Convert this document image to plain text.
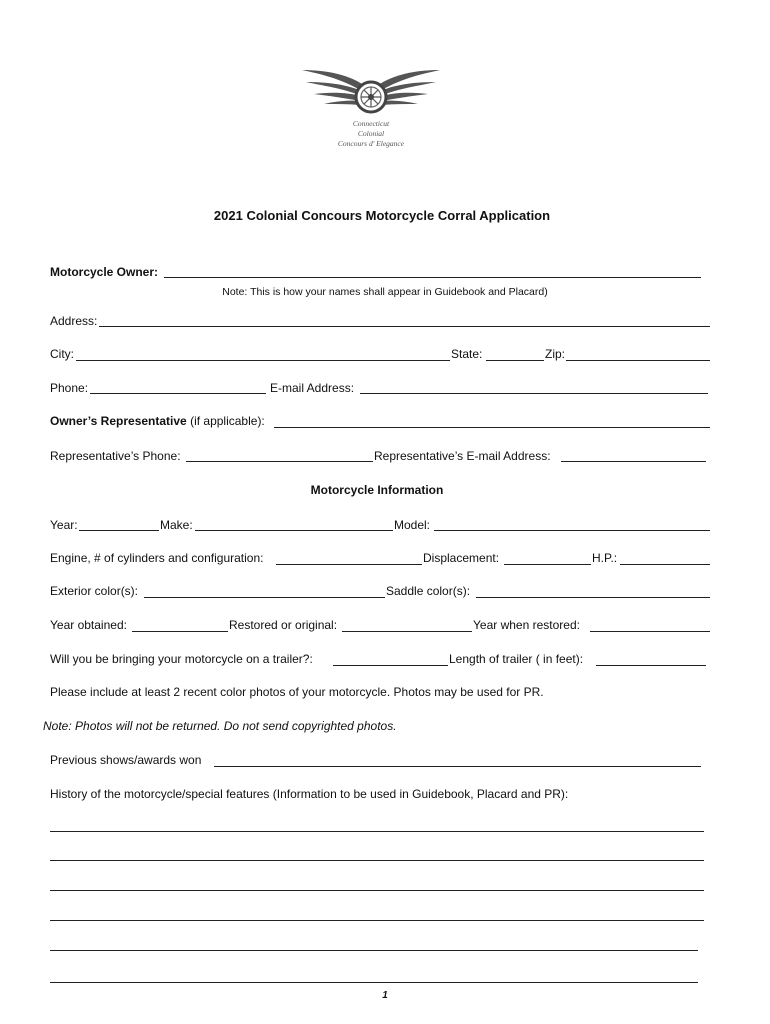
Connecticut
Colonial
Concours d' Elegance
2021 Colonial Concours Motorcycle Corral Application
Motorcycle Owner:
Note: This is how your names shall appear in Guidebook and Placard)
Address:
City:	State:	Zip:
Phone:	E-mail Address:
Owner’s Representative (if applicable):
Representative’s Phone:	Representative’s E-mail Address:
Motorcycle Information
Year:	Make:	Model:
Engine, # of cylinders and configuration:	Displacement:	H.P.:
Exterior color(s):	Saddle color(s):
Year obtained:	Restored or original:	Year when restored:
Will you be bringing your motorcycle on a trailer?:	Length of trailer ( in feet):
Please include at least 2 recent color photos of your motorcycle. Photos may be used for PR.
Note: Photos will not be returned. Do not send copyrighted photos.
Previous shows/awards won
History of the motorcycle/special features (Information to be used in Guidebook, Placard and PR):
1
